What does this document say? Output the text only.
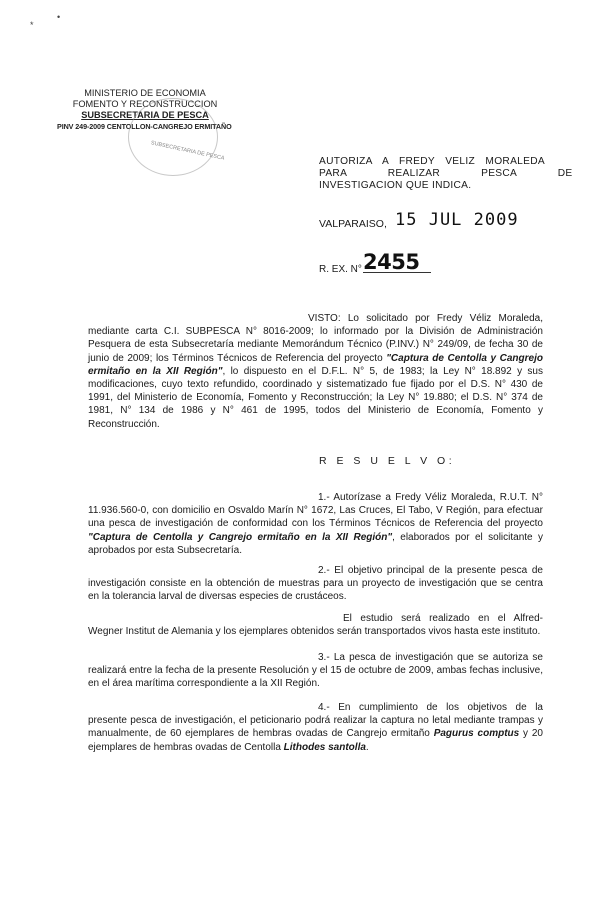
•
*
MINISTERIO DE ECONOMIA
FOMENTO Y RECONSTRUCCION
SUBSECRETARIA DE PESCA
PINV 249-2009 CENTOLLON-CANGREJO ERMITAÑO
SUBSECRETARIA DE PESCA	AUTORIZA A FREDY VELIZ MORALEDA
PARA REALIZAR PESCA DE
INVESTIGACION QUE INDICA.
VALPARAISO, 15 JUL 2009
R. EX. N° 2455

VISTO: Lo solicitado por Fredy Véliz Moraleda, mediante carta C.I. SUBPESCA N° 8016-2009; lo informado por la División de Administración Pesquera de esta Subsecretaría mediante Memorándum Técnico (P.INV.) N° 249/09, de fecha 30 de junio de 2009; los Términos Técnicos de Referencia del proyecto "Captura de Centolla y Cangrejo ermitaño en la XII Región", lo dispuesto en el D.F.L. N° 5, de 1983; la Ley N° 18.892 y sus modificaciones, cuyo texto refundido, coordinado y sistematizado fue fijado por el D.S. N° 430 de 1991, del Ministerio de Economía, Fomento y Reconstrucción; la Ley N° 19.880; el D.S. N° 374 de 1981, N° 134 de 1986 y N° 461 de 1995, todos del Ministerio de Economía, Fomento y Reconstrucción.

R E S U E L V O:

1.- Autorízase a Fredy Véliz Moraleda, R.U.T. N° 11.936.560-0, con domicilio en Osvaldo Marín N° 1672, Las Cruces, El Tabo, V Región, para efectuar una pesca de investigación de conformidad con los Términos Técnicos de Referencia del proyecto "Captura de Centolla y Cangrejo ermitaño en la XII Región", elaborados por el solicitante y aprobados por esta Subsecretaría.

2.- El objetivo principal de la presente pesca de investigación consiste en la obtención de muestras para un proyecto de investigación que se centra en la tolerancia larval de diversas especies de crustáceos.

El estudio será realizado en el Alfred-Wegner Institut de Alemania y los ejemplares obtenidos serán transportados vivos hasta este instituto.

3.- La pesca de investigación que se autoriza se realizará entre la fecha de la presente Resolución y el 15 de octubre de 2009, ambas fechas inclusive, en el área marítima correspondiente a la XII Región.

4.- En cumplimiento de los objetivos de la presente pesca de investigación, el peticionario podrá realizar la captura no letal mediante trampas y manualmente, de 60 ejemplares de hembras ovadas de Cangrejo ermitaño Pagurus comptus y 20 ejemplares de hembras ovadas de Centolla Lithodes santolla.
